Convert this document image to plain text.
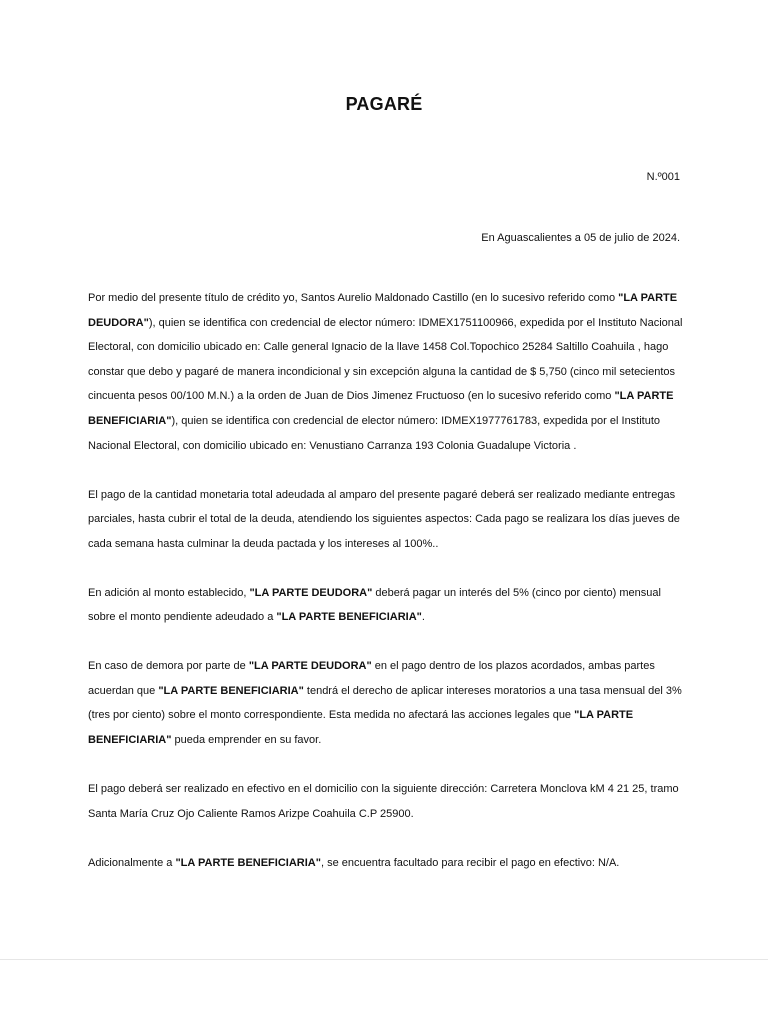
PAGARÉ
N.º001
En Aguascalientes a 05 de julio de 2024.

Por medio del presente título de crédito yo, Santos Aurelio Maldonado Castillo (en lo sucesivo referido como "LA PARTE DEUDORA"), quien se identifica con credencial de elector número: IDMEX1751100966, expedida por el Instituto Nacional Electoral, con domicilio ubicado en: Calle general Ignacio de la llave 1458 Col.Topochico 25284 Saltillo Coahuila , hago constar que debo y pagaré de manera incondicional y sin excepción alguna la cantidad de $ 5,750 (cinco mil setecientos cincuenta pesos 00/100 M.N.) a la orden de Juan de Dios Jimenez Fructuoso (en lo sucesivo referido como "LA PARTE BENEFICIARIA"), quien se identifica con credencial de elector número: IDMEX1977761783, expedida por el Instituto Nacional Electoral, con domicilio ubicado en: Venustiano Carranza 193 Colonia Guadalupe Victoria .

El pago de la cantidad monetaria total adeudada al amparo del presente pagaré deberá ser realizado mediante entregas parciales, hasta cubrir el total de la deuda, atendiendo los siguientes aspectos: Cada pago se realizara los días jueves de cada semana hasta culminar la deuda pactada y los intereses al 100%..

En adición al monto establecido, "LA PARTE DEUDORA" deberá pagar un interés del 5% (cinco por ciento) mensual sobre el monto pendiente adeudado a "LA PARTE BENEFICIARIA".

En caso de demora por parte de "LA PARTE DEUDORA" en el pago dentro de los plazos acordados, ambas partes acuerdan que "LA PARTE BENEFICIARIA" tendrá el derecho de aplicar intereses moratorios a una tasa mensual del 3% (tres por ciento) sobre el monto correspondiente. Esta medida no afectará las acciones legales que "LA PARTE BENEFICIARIA" pueda emprender en su favor.

El pago deberá ser realizado en efectivo en el domicilio con la siguiente dirección: Carretera Monclova kM 4 21 25, tramo Santa María Cruz Ojo Caliente Ramos Arizpe Coahuila C.P 25900.

Adicionalmente a "LA PARTE BENEFICIARIA", se encuentra facultado para recibir el pago en efectivo: N/A.
